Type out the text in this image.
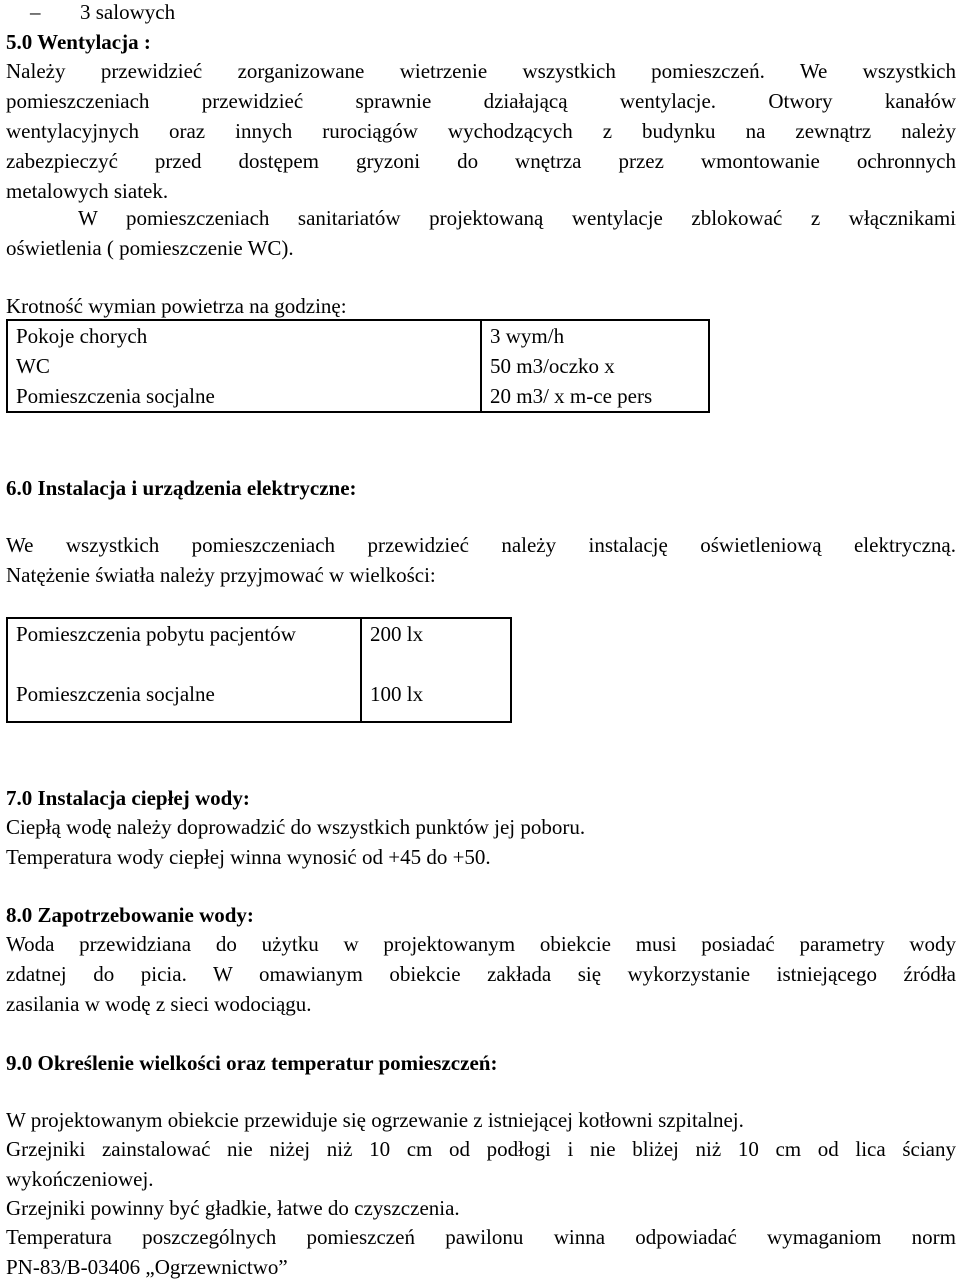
– 3 salowych
5.0 Wentylacja :

Należy przewidzieć zorganizowane wietrzenie wszystkich pomieszczeń. We wszystkich

pomieszczeniach przewidzieć sprawnie działającą wentylacje. Otwory kanałów

wentylacyjnych oraz innych rurociągów wychodzących z budynku na zewnątrz należy

zabezpieczyć przed dostępem gryzoni do wnętrza przez wmontowanie ochronnych

metalowych siatek.

W pomieszczeniach sanitariatów projektowaną wentylacje zblokować z włącznikami

oświetlenia ( pomieszczenie WC).

Krotność wymian powietrza na godzinę:
Pokoje chorych	3 wym/h
WC	50 m3/oczko x
Pomieszczenia socjalne	20 m3/ x m-ce pers
6.0 Instalacja i urządzenia elektryczne:

We wszystkich pomieszczeniach przewidzieć należy instalację oświetleniową elektryczną.

Natężenie światła należy przyjmować w wielkości:

Pomieszczenia pobytu pacjentów	200 lx
Pomieszczenia socjalne	100 lx
7.0 Instalacja ciepłej wody:

Ciepłą wodę należy doprowadzić do wszystkich punktów jej poboru.

Temperatura wody ciepłej winna wynosić od +45 do +50.

8.0 Zapotrzebowanie wody:

Woda przewidziana do użytku w projektowanym obiekcie musi posiadać parametry wody

zdatnej do picia. W omawianym obiekcie zakłada się wykorzystanie istniejącego źródła

zasilania w wodę z sieci wodociągu.

9.0 Określenie wielkości oraz temperatur pomieszczeń:
W projektowanym obiekcie przewiduje się ogrzewanie z istniejącej kotłowni szpitalnej.

Grzejniki zainstalować nie niżej niż 10 cm od podłogi i nie bliżej niż 10 cm od lica ściany

wykończeniowej.

Grzejniki powinny być gładkie, łatwe do czyszczenia.

Temperatura poszczególnych pomieszczeń pawilonu winna odpowiadać wymaganiom norm

PN-83/B-03406 „Ogrzewnictwo”
